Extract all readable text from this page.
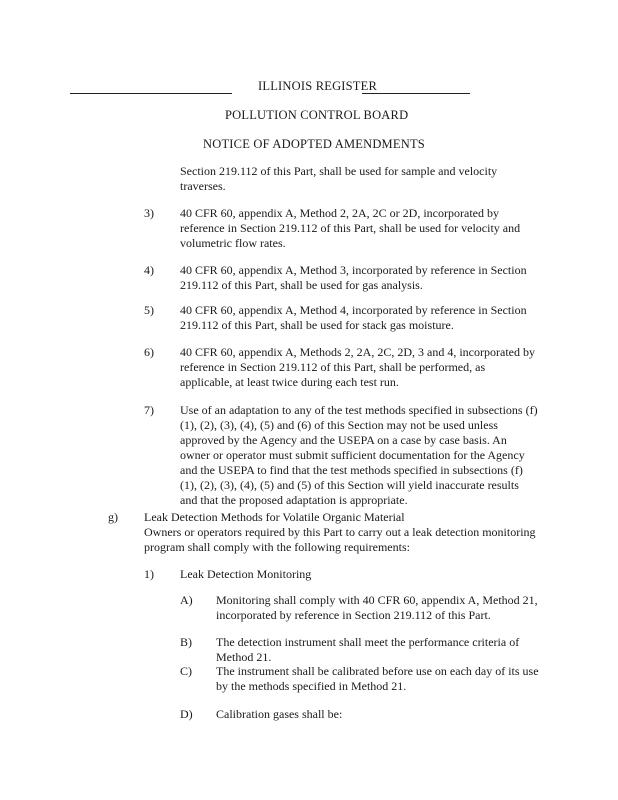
ILLINOIS REGISTER
POLLUTION CONTROL BOARD
NOTICE OF ADOPTED AMENDMENTS
Section 219.112 of this Part, shall be used for sample and velocity traverses.
3) 40 CFR 60, appendix A, Method 2, 2A, 2C or 2D, incorporated by reference in Section 219.112 of this Part, shall be used for velocity and volumetric flow rates.
4) 40 CFR 60, appendix A, Method 3, incorporated by reference in Section 219.112 of this Part, shall be used for gas analysis.
5) 40 CFR 60, appendix A, Method 4, incorporated by reference in Section 219.112 of this Part, shall be used for stack gas moisture.
6) 40 CFR 60, appendix A, Methods 2, 2A, 2C, 2D, 3 and 4, incorporated by reference in Section 219.112 of this Part, shall be performed, as applicable, at least twice during each test run.
7) Use of an adaptation to any of the test methods specified in subsections (f)(1), (2), (3), (4), (5) and (6) of this Section may not be used unless approved by the Agency and the USEPA on a case by case basis. An owner or operator must submit sufficient documentation for the Agency and the USEPA to find that the test methods specified in subsections (f)(1), (2), (3), (4), (5) and (5) of this Section will yield inaccurate results and that the proposed adaptation is appropriate.
g) Leak Detection Methods for Volatile Organic Material
Owners or operators required by this Part to carry out a leak detection monitoring program shall comply with the following requirements:
1) Leak Detection Monitoring
A) Monitoring shall comply with 40 CFR 60, appendix A, Method 21, incorporated by reference in Section 219.112 of this Part.
B) The detection instrument shall meet the performance criteria of Method 21.
C) The instrument shall be calibrated before use on each day of its use by the methods specified in Method 21.
D) Calibration gases shall be:
